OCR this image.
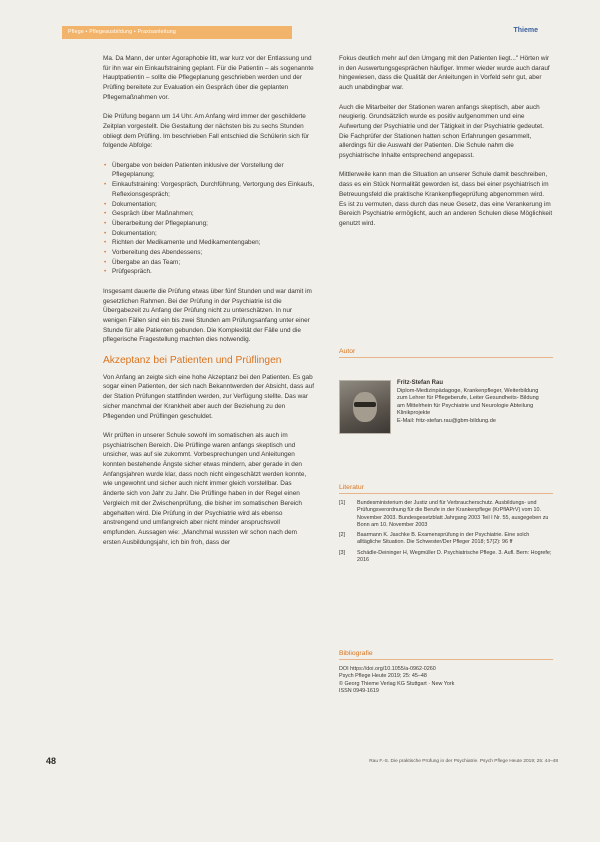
Pflege • Pflegeausbildung • Praxisanleitung	Thieme

Ma. Da Mann, der unter Agoraphobie litt, war kurz vor der Entlassung und für ihn war ein Einkaufstraining geplant. Für die Patientin – als sogenannte Hauptpatientin – sollte die Pflegeplanung geschrieben werden und der Prüfling bereitete zur Evaluation ein Gespräch über die geplanten Pflegemaßnahmen vor.

Die Prüfung begann um 14 Uhr. Am Anfang wird immer der geschilderte Zeitplan vorgestellt. Die Gestaltung der nächsten bis zu sechs Stunden obliegt dem Prüfling. Im beschrieben Fall entschied die Schülerin sich für folgende Abfolge:

• Übergabe von beiden Patienten inklusive der Vorstellung der Pflegeplanung;
• Einkaufstraining: Vorgespräch, Durchführung, Vertorgung des Einkaufs, Reflexionsgespräch;
• Dokumentation;
• Gespräch über Maßnahmen;
• Überarbeitung der Pflegeplanung;
• Dokumentation;
• Richten der Medikamente und Medikamentengaben;
• Vorbereitung des Abendessens;
• Übergabe an das Team;
• Prüfgespräch.

Insgesamt dauerte die Prüfung etwas über fünf Stunden und war damit im gesetzlichen Rahmen. Bei der Prüfung in der Psychiatrie ist die Übergabezeit zu Anfang der Prüfung nicht zu unterschätzen. In nur wenigen Fällen sind ein bis zwei Stunden am Prüfungsanfang unter einer Stunde für alle Patienten gebunden. Die Komplexität der Fälle und die pflegerische Fragestellung machten dies notwendig.

Akzeptanz bei Patienten und Prüflingen

Von Anfang an zeigte sich eine hohe Akzeptanz bei den Patienten. Es gab sogar einen Patienten, der sich nach Bekanntwerden der Absicht, dass auf der Station Prüfungen stattfinden werden, zur Verfügung stellte. Das war sicher manchmal der Krankheit aber auch der Beziehung zu den Pflegenden und Prüflingen geschuldet.

Wir prüften in unserer Schule sowohl im somatischen als auch im psychiatrischen Bereich. Die Prüflinge waren anfangs skeptisch und unsicher, was auf sie zukommt. Vorbesprechungen und Anleitungen konnten bestehende Ängste sicher etwas mindern, aber gerade in den Anfangsjahren wurde klar, dass noch nicht eingeschätzt werden konnte, wie ungewohnt und sicher auch nicht immer gleich vorstellbar. Das änderte sich von Jahr zu Jahr. Die Prüflinge haben in der Regel einen Vergleich mit der Zwischenprüfung, die bisher im somatischen Bereich abgehalten wird. Die Prüfung in der Psychiatrie wird als ebenso anstrengend und umfangreich aber nicht minder anspruchsvoll empfunden. Aussagen wie: „Manchmal wussten wir schon nach dem ersten Ausbildungsjahr, ich bin froh, dass der

Fokus deutlich mehr auf den Umgang mit den Patienten liegt..." Hörten wir in den Auswertungsgesprächen häufiger. Immer wieder wurde auch darauf hingewiesen, dass die Qualität der Anleitungen in Vorfeld sehr gut, aber auch unabdingbar war.

Auch die Mitarbeiter der Stationen waren anfangs skeptisch, aber auch neugierig. Grundsätzlich wurde es positiv aufgenommen und eine Aufwertung der Psychiatrie und der Tätigkeit in der Psychiatrie gedeutet. Die Fachprüfer der Stationen hatten schon Erfahrungen gesammelt, allerdings für die Auswahl der Patienten. Die Schule nahm die psychiatrische Inhalte entsprechend angepasst.

Mittlerweile kann man die Situation an unserer Schule damit beschreiben, dass es ein Stück Normalität geworden ist, dass bei einer psychiatrisch im Betreuungsfeld die praktische Krankenpflegeprüfung abgenommen wird. Es ist zu vermuten, dass durch das neue Gesetz, das eine Verankerung im Bereich Psychiatrie ermöglicht, auch an anderen Schulen diese Möglichkeit genutzt wird.

Autor
Fritz-Stefan Rau
Diplom-Medizinpädagoge, Krankenpfleger, Weiterbildung zum Lehrer für Pflegeberufe, Leiter Gesundheits- Bildung am Mittelrhein für Psychiatrie und Neurologie Abteilung Klinikprojekte
E-Mail: fritz-stefan.rau@gbm-bildung.de
Literatur
[1] Bundesministerium der Justiz und für Verbraucherschutz. Ausbildungs- und Prüfungsverordnung für die Berufe in der Krankenpflege (KrPflAPrV) vom 10. November 2003. Bundesgesetzblatt Jahrgang 2003 Teil I Nr. 55, ausgegeben zu Bonn am 10. November 2003
[2] Baarmann K. Jaschke B. Examensprüfung in der Psychiatrie. Eine solch alltägliche Situation. Die Schwester/Der Pfleger 2018; 57(2): 96 ff
[3] Schädle-Deininger H, Wegmüller D. Psychiatrische Pflege. 3. Aufl. Bern: Hogrefe; 2016
Bibliografie
DOI https://doi.org/10.1055/a-0962-0260
Psych Pflege Heute 2019; 25: 45–48
© Georg Thieme Verlag KG Stuttgart · New York
ISSN 0949-1619
48	Rau F.-S. Die praktische Prüfung in der Psychiatrie. Psych Pflege Heute 2019; 25: 44–48
